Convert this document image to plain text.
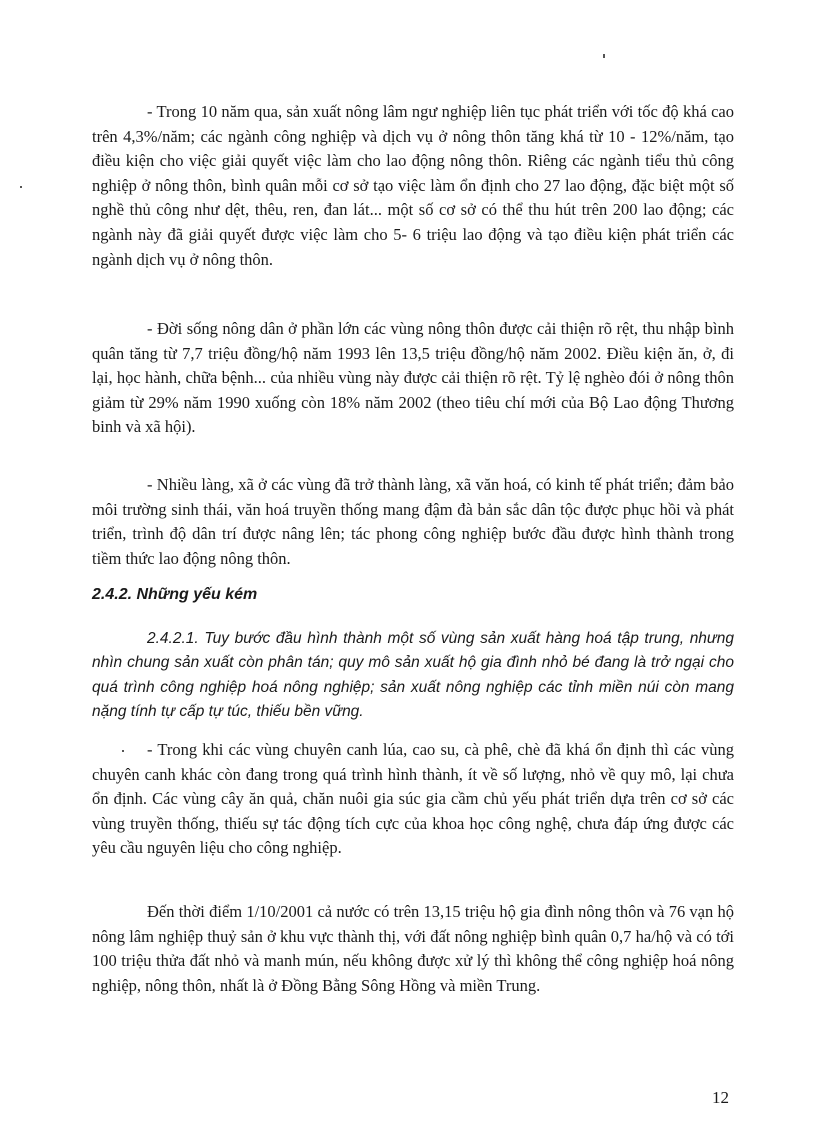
- Trong 10 năm qua, sản xuất nông lâm ngư nghiệp liên tục phát triển với tốc độ khá cao trên 4,3%/năm; các ngành công nghiệp và dịch vụ ở nông thôn tăng khá từ 10 - 12%/năm, tạo điều kiện cho việc giải quyết việc làm cho lao động nông thôn. Riêng các ngành tiểu thủ công nghiệp ở nông thôn, bình quân mỗi cơ sở tạo việc làm ổn định cho 27 lao động, đặc biệt một số nghề thủ công như dệt, thêu, ren, đan lát... một số cơ sở có thể thu hút trên 200 lao động; các ngành này đã giải quyết được việc làm cho 5- 6 triệu lao động và tạo điều kiện phát triển các ngành dịch vụ ở nông thôn.

- Đời sống nông dân ở phần lớn các vùng nông thôn được cải thiện rõ rệt, thu nhập bình quân tăng từ 7,7 triệu đồng/hộ năm 1993 lên 13,5 triệu đồng/hộ năm 2002. Điều kiện ăn, ở, đi lại, học hành, chữa bệnh... của nhiều vùng này được cải thiện rõ rệt. Tỷ lệ nghèo đói ở nông thôn giảm từ 29% năm 1990 xuống còn 18% năm 2002 (theo tiêu chí mới của Bộ Lao động Thương binh và xã hội).

- Nhiều làng, xã ở các vùng đã trở thành làng, xã văn hoá, có kinh tế phát triển; đảm bảo môi trường sinh thái, văn hoá truyền thống mang đậm đà bản sắc dân tộc được phục hồi và phát triển, trình độ dân trí được nâng lên; tác phong công nghiệp bước đầu được hình thành trong tiềm thức lao động nông thôn.

2.4.2. Những yếu kém

2.4.2.1. Tuy bước đầu hình thành một số vùng sản xuất hàng hoá tập trung, nhưng nhìn chung sản xuất còn phân tán; quy mô sản xuất hộ gia đình nhỏ bé đang là trở ngại cho quá trình công nghiệp hoá nông nghiệp; sản xuất nông nghiệp các tỉnh miền núi còn mang nặng tính tự cấp tự túc, thiếu bền vững.

- Trong khi các vùng chuyên canh lúa, cao su, cà phê, chè đã khá ổn định thì các vùng chuyên canh khác còn đang trong quá trình hình thành, ít về số lượng, nhỏ về quy mô, lại chưa ổn định. Các vùng cây ăn quả, chăn nuôi gia súc gia cầm chủ yếu phát triển dựa trên cơ sở các vùng truyền thống, thiếu sự tác động tích cực của khoa học công nghệ, chưa đáp ứng được các yêu cầu nguyên liệu cho công nghiệp.

Đến thời điểm 1/10/2001 cả nước có trên 13,15 triệu hộ gia đình nông thôn và 76 vạn hộ nông lâm nghiệp thuỷ sản ở khu vực thành thị, với đất nông nghiệp bình quân 0,7 ha/hộ và có tới 100 triệu thửa đất nhỏ và manh mún, nếu không được xử lý thì không thể công nghiệp hoá nông nghiệp, nông thôn, nhất là ở Đồng Bằng Sông Hồng và miền Trung.

12
